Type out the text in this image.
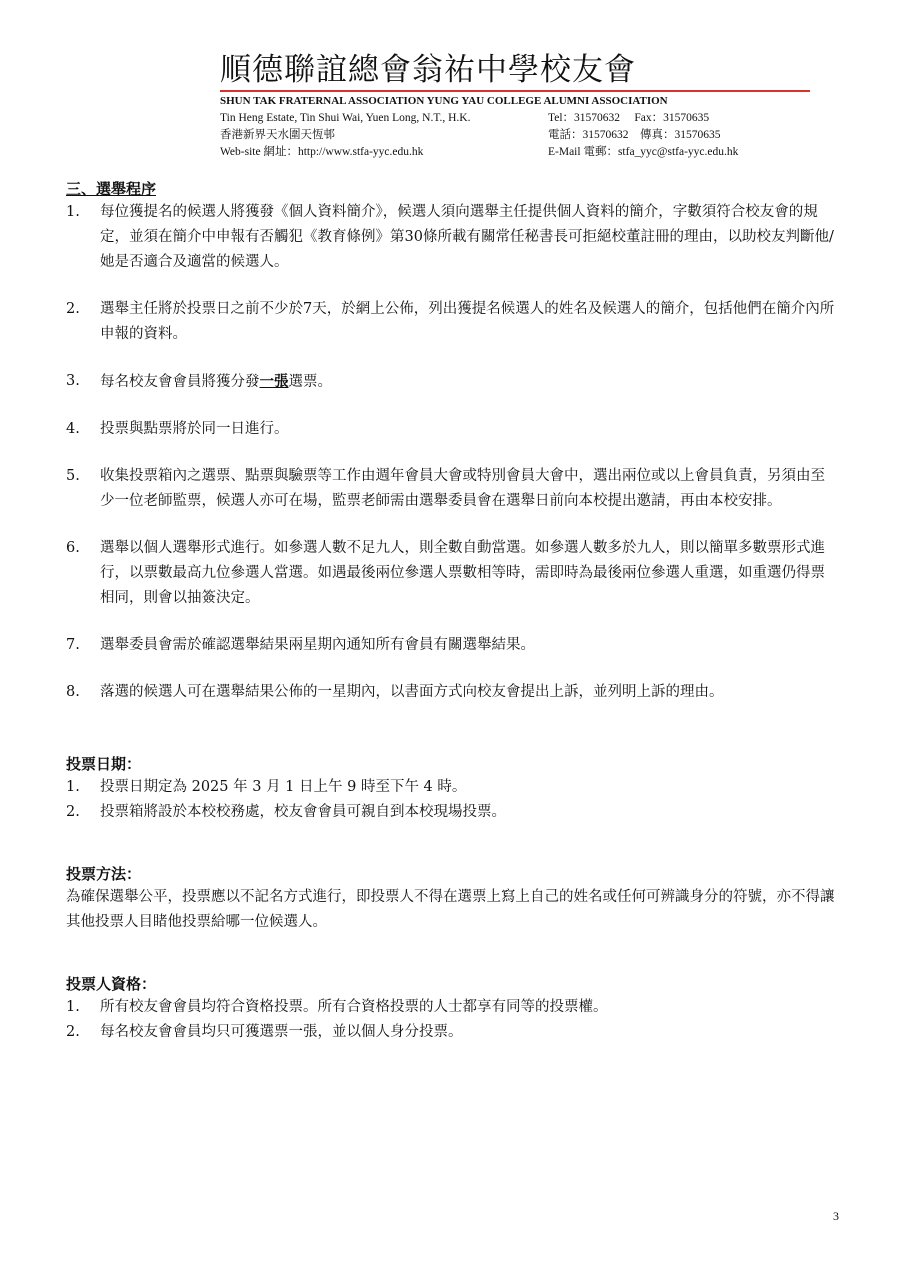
順德聯誼總會翁祐中學校友會
SHUN TAK FRATERNAL ASSOCIATION YUNG YAU COLLEGE ALUMNI ASSOCIATION
Tin Heng Estate, Tin Shui Wai, Yuen Long, N.T., H.K.	Tel：31570632 Fax：31570635
香港新界天水圍天恆邨	電話：31570632　傳真：31570635
Web-site 網址：http://www.stfa-yyc.edu.hk	E-Mail 電郵：stfa_yyc@stfa-yyc.edu.hk
三、選舉程序
1. 每位獲提名的候選人將獲發《個人資料簡介》，候選人須向選舉主任提供個人資料的簡介，字數須符合校友會的規定，並須在簡介中申報有否觸犯《教育條例》第30條所載有關常任秘書長可拒絕校董註冊的理由，以助校友判斷他/她是否適合及適當的候選人。
2. 選舉主任將於投票日之前不少於7天，於網上公佈，列出獲提名候選人的姓名及候選人的簡介，包括他們在簡介內所申報的資料。
3. 每名校友會會員將獲分發一張選票。
4. 投票與點票將於同一日進行。
5. 收集投票箱內之選票、點票與驗票等工作由週年會員大會或特別會員大會中，選出兩位或以上會員負責，另須由至少一位老師監票，候選人亦可在場，監票老師需由選舉委員會在選舉日前向本校提出邀請，再由本校安排。
6. 選舉以個人選舉形式進行。如參選人數不足九人，則全數自動當選。如參選人數多於九人，則以簡單多數票形式進行，以票數最高九位參選人當選。如遇最後兩位參選人票數相等時，需即時為最後兩位參選人重選，如重選仍得票相同，則會以抽簽決定。
7. 選舉委員會需於確認選舉結果兩星期內通知所有會員有關選舉結果。
8. 落選的候選人可在選舉結果公佈的一星期內，以書面方式向校友會提出上訴，並列明上訴的理由。
投票日期：
1. 投票日期定為 2025 年 3 月 1 日上午 9 時至下午 4 時。
2. 投票箱將設於本校校務處，校友會會員可親自到本校現場投票。
投票方法：

為確保選舉公平，投票應以不記名方式進行，即投票人不得在選票上寫上自己的姓名或任何可辨識身分的符號，亦不得讓其他投票人目睹他投票給哪一位候選人。

投票人資格：
1. 所有校友會會員均符合資格投票。所有合資格投票的人士都享有同等的投票權。
2. 每名校友會會員均只可獲選票一張，並以個人身分投票。
3
